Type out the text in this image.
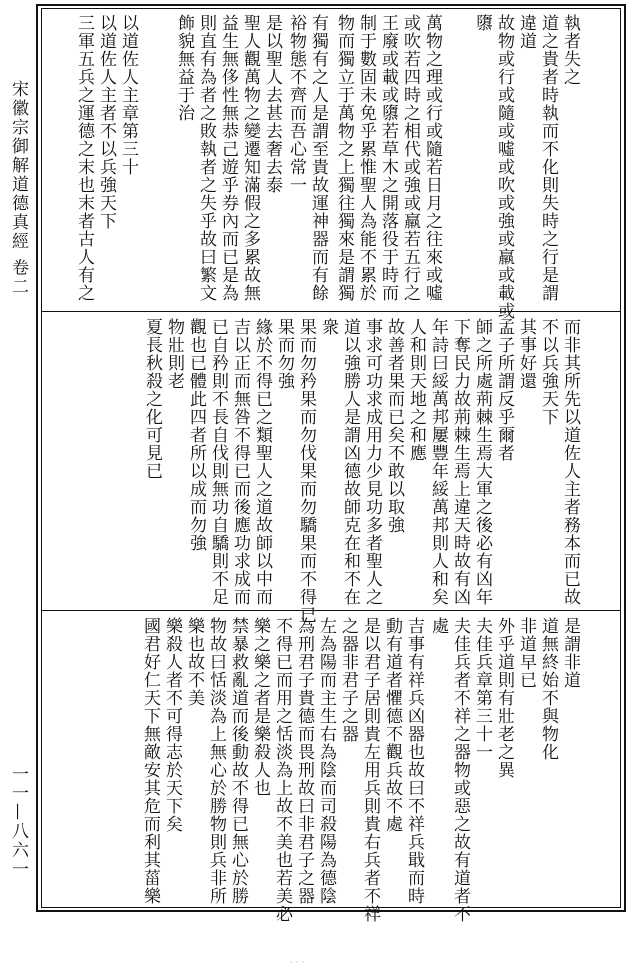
宋徽宗御解道德真經 卷二
一一—八六一
執者失之
道之貴者時執而不化則失時之行是謂
違道
故物或行或隨或噓或吹或強或羸或載或
隳
萬物之理或行或隨若日月之往來或噓
或吹若四時之相代或強或羸若五行之
王廢或載或隳若草木之開落役于時而
制于數固未免乎累惟聖人為能不累於
物而獨立于萬物之上獨往獨來是謂獨
有獨有之人是謂至貴故運神器而有餘
裕物態不齊而吾心常一
是以聖人去甚去奢去泰
聖人觀萬物之變遷知滿假之多累故無
益生無侈性無恭己遊乎券內而已是為
則直有為者之敗執者之失乎故曰繁文
飾貌無益于治
以道佐人主章第三十
以道佐人主者不以兵強天下
三軍五兵之運德之末也末者古人有之
而非其所先以道佐人主者務本而已故
不以兵強天下
其事好還
孟子所謂反乎爾者
師之所處荊棘生焉大軍之後必有凶年
下奪民力故荊棘生焉上違天時故有凶
年詩曰綏萬邦屢豐年綏萬邦則人和矣
人和則天地之和應
故善者果而已矣不敢以取強
事求可功求成用力少見功多者聖人之
道以強勝人是謂凶德故師克在和不在
衆
果而勿矜果而勿伐果而勿驕果而不得已
果而勿強
緣於不得已之類聖人之道故師以中而
吉以正而無咎不得已而後應功求成而
已自矜則不長自伐則無功自驕則不足
觀也已體此四者所以成而勿強
物壯則老
夏長秋殺之化可見已
是謂非道
道無終始不與物化
非道早已
外乎道則有壯老之異
夫佳兵章第三十一
夫佳兵者不祥之器物或惡之故有道者不
處
吉事有祥兵凶器也故曰不祥兵戢而時
動有道者懼德不觀兵故不處
是以君子居則貴左用兵則貴右兵者不祥
之器非君子之器
左為陽而主生右為陰而司殺陽為德陰
為刑君子貴德而畏刑故曰非君子之器
不得已而用之恬淡為上故不美也若美必
樂之樂之者是樂殺人也
禁暴救亂道而後動故不得已無心於勝
物故曰恬淡為上無心於勝物則兵非所
樂也故不美
樂殺人者不可得志於天下矣
國君好仁天下無敵安其危而利其菑樂
· · ·
